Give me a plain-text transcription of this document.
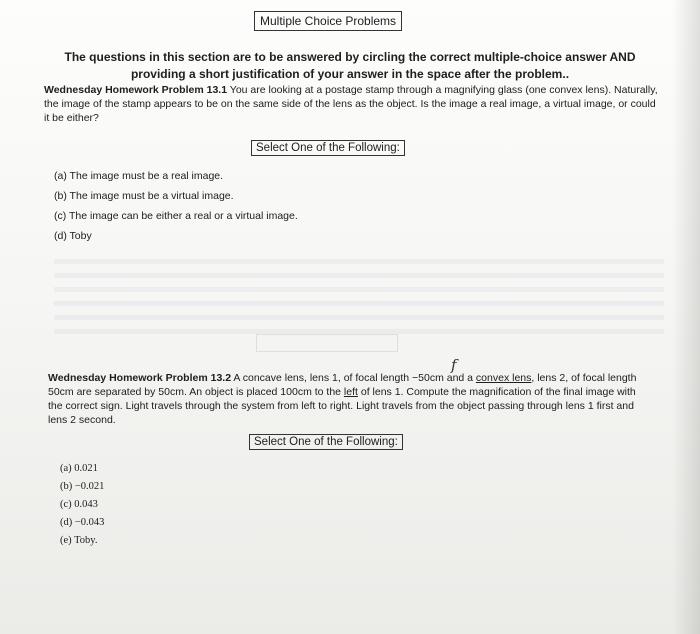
Multiple Choice Problems
The questions in this section are to be answered by circling the correct multiple-choice answer AND providing a short justification of your answer in the space after the problem..
Wednesday Homework Problem 13.1 You are looking at a postage stamp through a magnifying glass (one convex lens). Naturally, the image of the stamp appears to be on the same side of the lens as the object. Is the image a real image, a virtual image, or could it be either?
Select One of the Following:
(a) The image must be a real image.
(b) The image must be a virtual image.
(c) The image can be either a real or a virtual image.
(d) Toby
f
Wednesday Homework Problem 13.2 A concave lens, lens 1, of focal length −50cm and a convex lens, lens 2, of focal length 50cm are separated by 50cm. An object is placed 100cm to the left of lens 1. Compute the magnification of the final image with the correct sign. Light travels through the system from left to right. Light travels from the object passing through lens 1 first and lens 2 second.
Select One of the Following:
(a) 0.021
(b) −0.021
(c) 0.043
(d) −0.043
(e) Toby.
